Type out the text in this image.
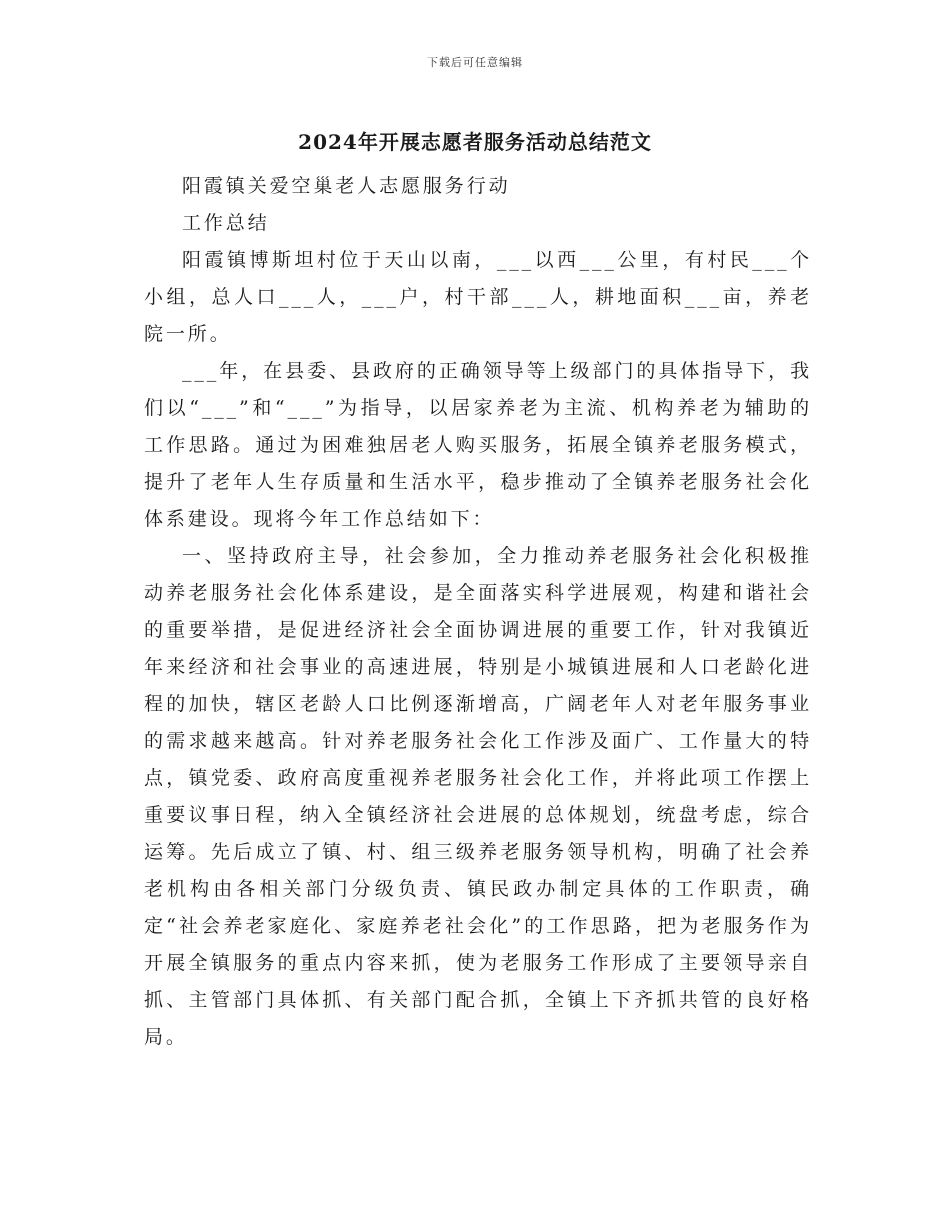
下载后可任意编辑
2024年开展志愿者服务活动总结范文

阳霞镇关爱空巢老人志愿服务行动

工作总结

阳霞镇博斯坦村位于天山以南，___以西___公里，有村民___个小组，总人口___人，___户，村干部___人，耕地面积___亩，养老院一所。

___年，在县委、县政府的正确领导等上级部门的具体指导下，我们以“___”和“___”为指导，以居家养老为主流、机构养老为辅助的工作思路。通过为困难独居老人购买服务，拓展全镇养老服务模式，提升了老年人生存质量和生活水平，稳步推动了全镇养老服务社会化体系建设。现将今年工作总结如下：

一、坚持政府主导，社会参加，全力推动养老服务社会化积极推动养老服务社会化体系建设，是全面落实科学进展观，构建和谐社会的重要举措，是促进经济社会全面协调进展的重要工作，针对我镇近年来经济和社会事业的高速进展，特别是小城镇进展和人口老龄化进程的加快，辖区老龄人口比例逐渐增高，广阔老年人对老年服务事业的需求越来越高。针对养老服务社会化工作涉及面广、工作量大的特点，镇党委、政府高度重视养老服务社会化工作，并将此项工作摆上重要议事日程，纳入全镇经济社会进展的总体规划，统盘考虑，综合运筹。先后成立了镇、村、组三级养老服务领导机构，明确了社会养老机构由各相关部门分级负责、镇民政办制定具体的工作职责，确定“社会养老家庭化、家庭养老社会化”的工作思路，把为老服务作为开展全镇服务的重点内容来抓，使为老服务工作形成了主要领导亲自抓、主管部门具体抓、有关部门配合抓，全镇上下齐抓共管的良好格局。
